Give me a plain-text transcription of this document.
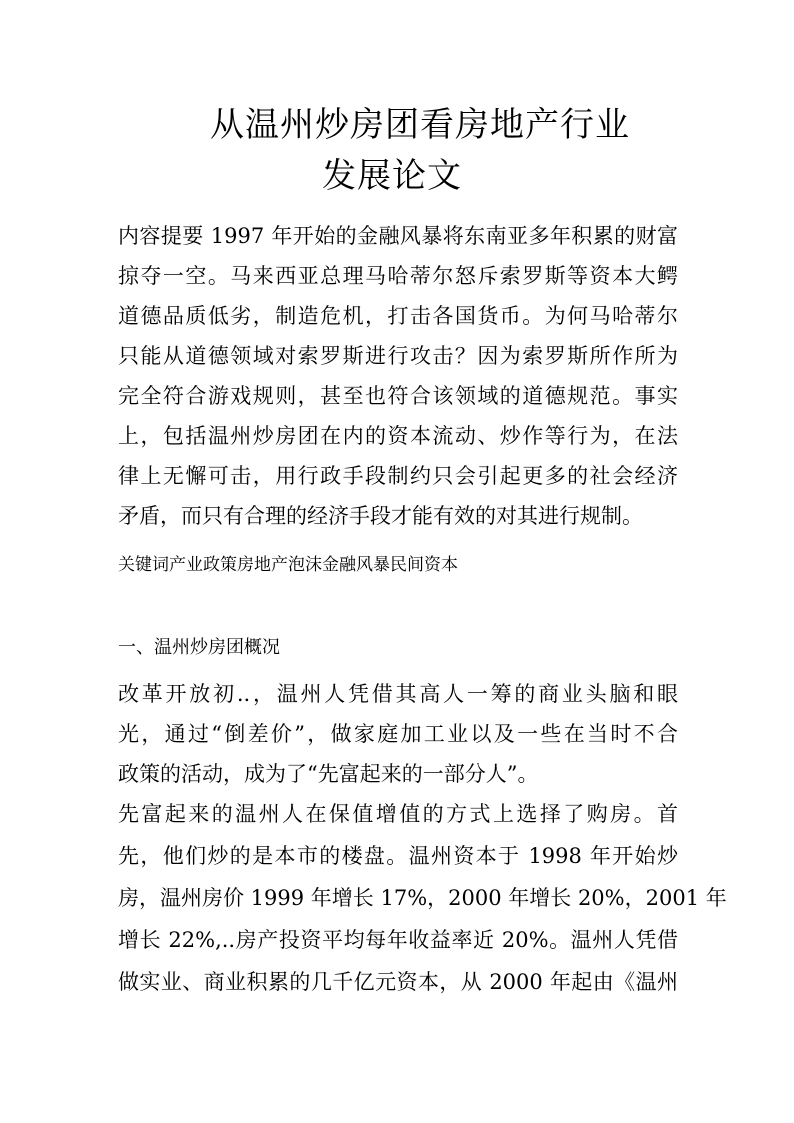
从温州炒房团看房地产行业
发展论文

内容提要 1997 年开始的金融风暴将东南亚多年积累的财富

掠夺一空。马来西亚总理马哈蒂尔怒斥索罗斯等资本大鳄

道德品质低劣，制造危机，打击各国货币。为何马哈蒂尔

只能从道德领域对索罗斯进行攻击？因为索罗斯所作所为

完全符合游戏规则，甚至也符合该领域的道德规范。事实

上，包括温州炒房团在内的资本流动、炒作等行为，在法

律上无懈可击，用行政手段制约只会引起更多的社会经济

矛盾，而只有合理的经济手段才能有效的对其进行规制。

关键词产业政策房地产泡沫金融风暴民间资本

一、温州炒房团概况

改革开放初..，温州人凭借其高人一筹的商业头脑和眼

光，通过“倒差价”，做家庭加工业以及一些在当时不合

政策的活动，成为了“先富起来的一部分人”。

先富起来的温州人在保值增值的方式上选择了购房。首

先，他们炒的是本市的楼盘。温州资本于 1998 年开始炒

房，温州房价 1999 年增长 17%，2000 年增长 20%，2001 年

增长 22%,..房产投资平均每年收益率近 20%。温州人凭借

做实业、商业积累的几千亿元资本，从 2000 年起由《温州
